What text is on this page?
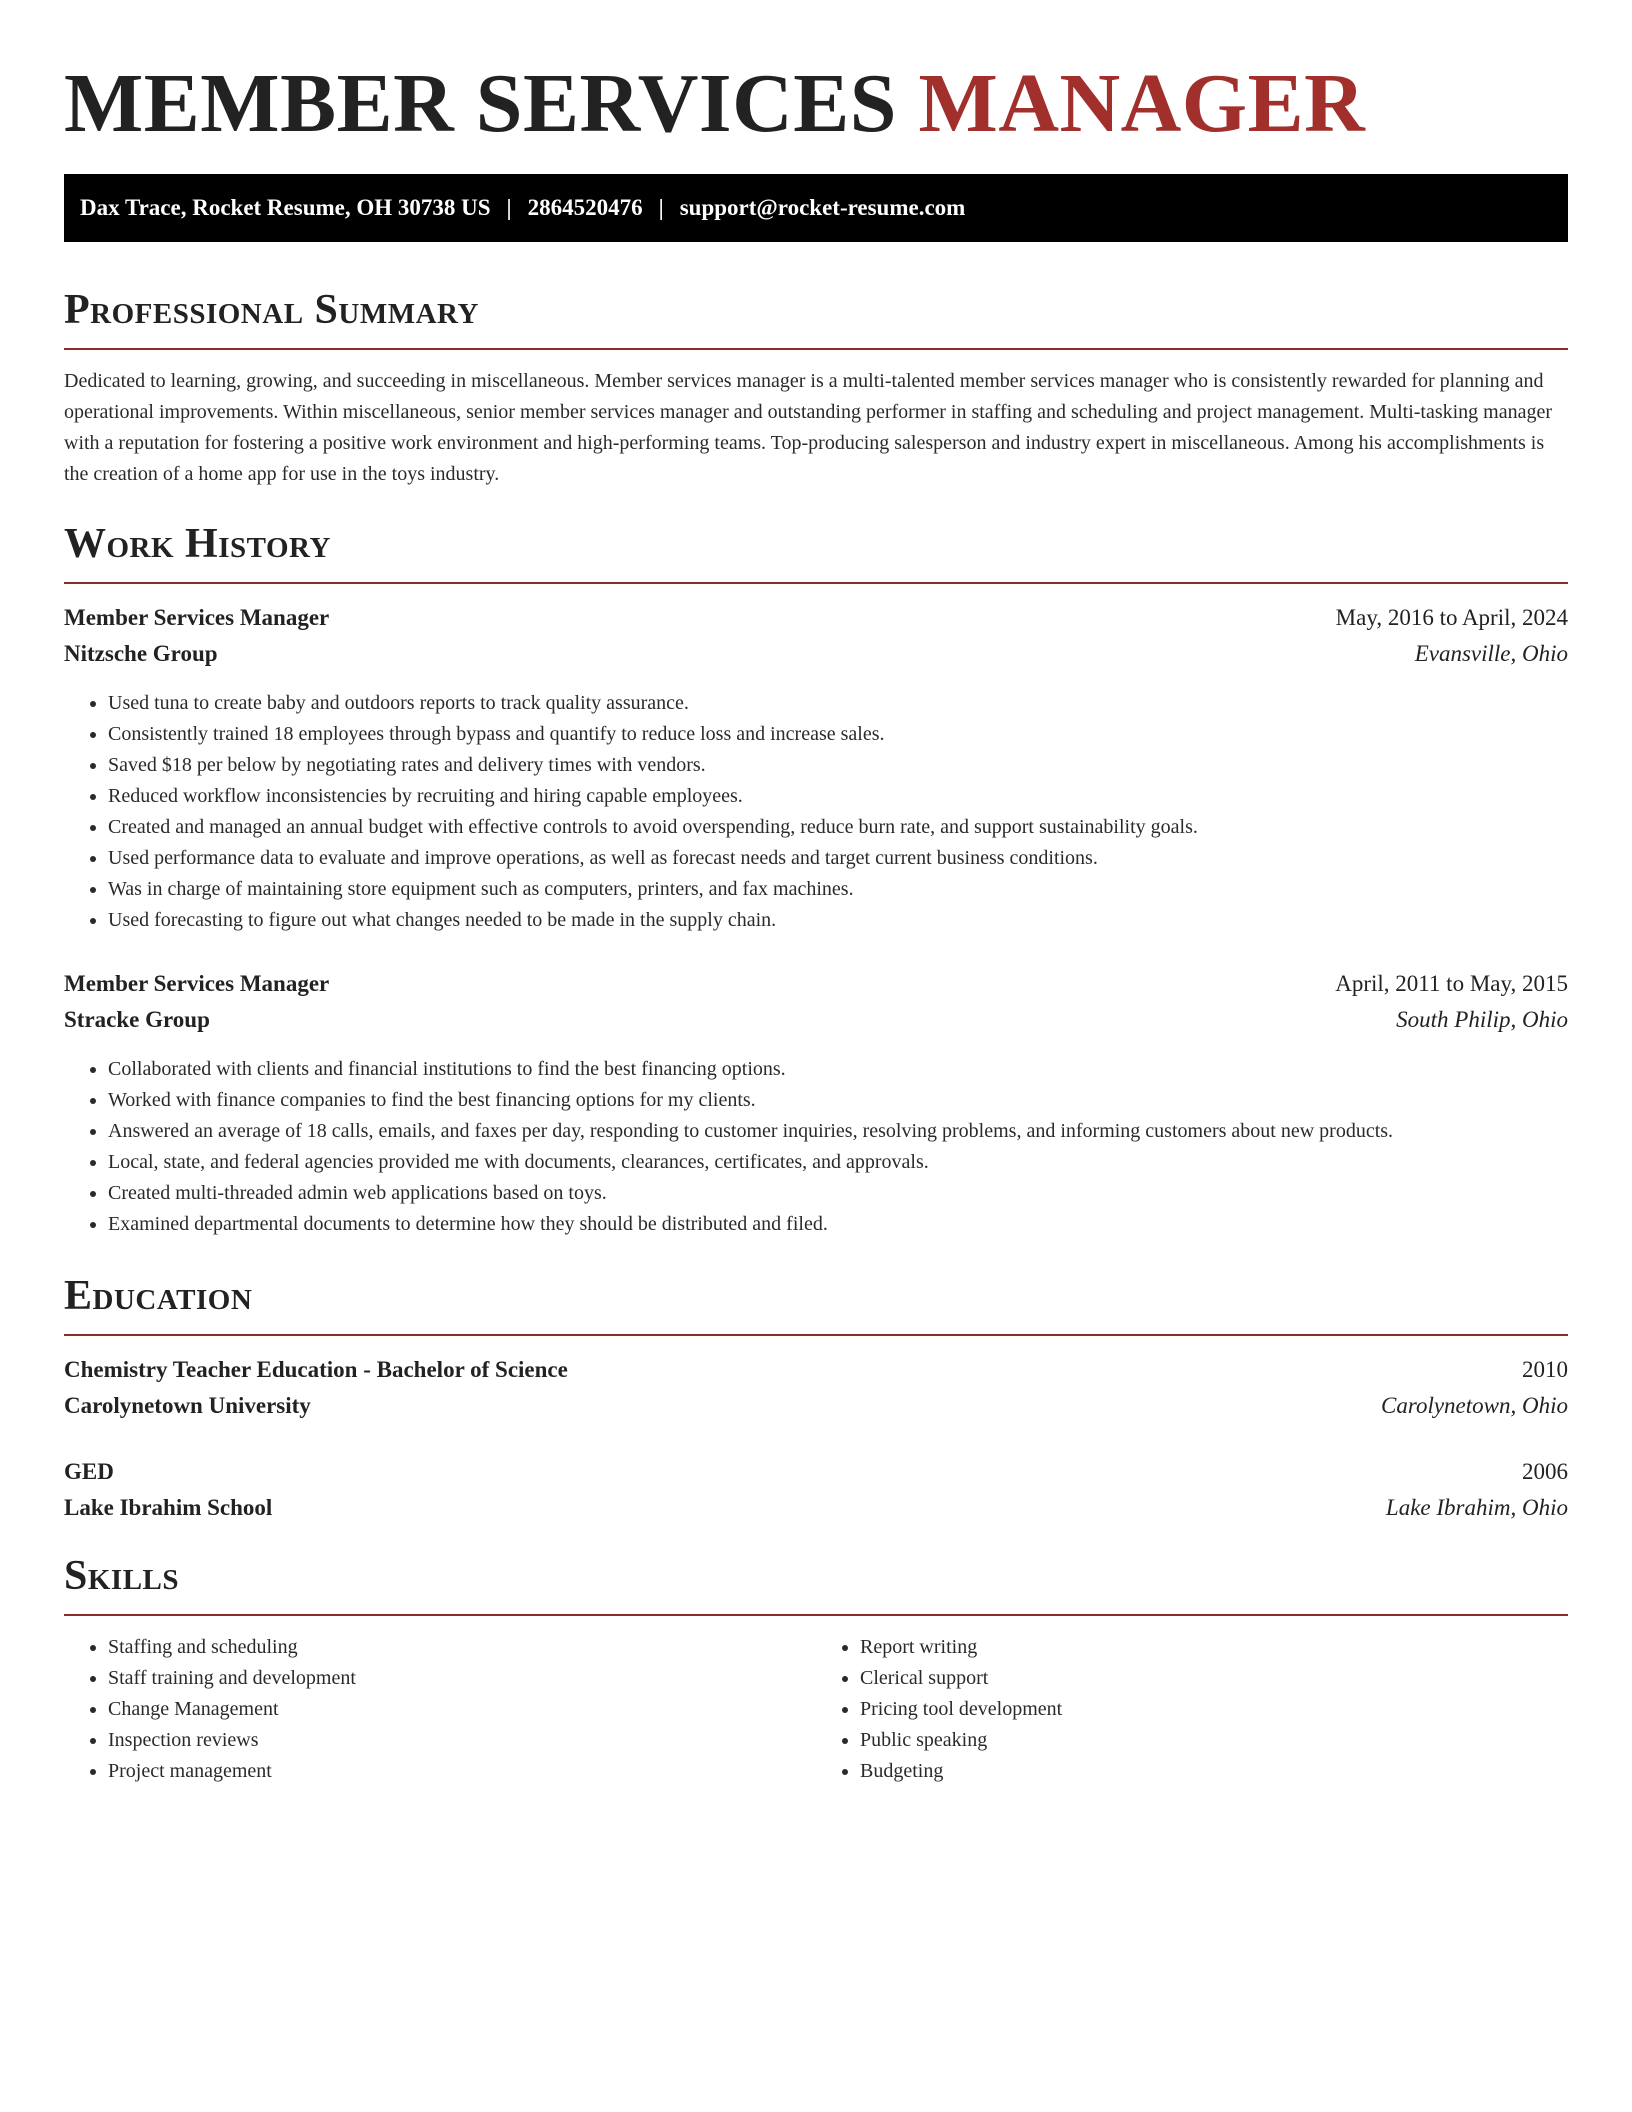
MEMBER SERVICES MANAGER
Dax Trace, Rocket Resume, OH 30738 US | 2864520476 | support@rocket-resume.com
Professional Summary

Dedicated to learning, growing, and succeeding in miscellaneous. Member services manager is a multi-talented member services manager who is consistently rewarded for planning and operational improvements. Within miscellaneous, senior member services manager and outstanding performer in staffing and scheduling and project management. Multi-tasking manager with a reputation for fostering a positive work environment and high-performing teams. Top-producing salesperson and industry expert in miscellaneous. Among his accomplishments is the creation of a home app for use in the toys industry.

Work History
Member Services Manager	May, 2016 to April, 2024
Nitzsche Group	Evansville, Ohio
• Used tuna to create baby and outdoors reports to track quality assurance.
• Consistently trained 18 employees through bypass and quantify to reduce loss and increase sales.
• Saved $18 per below by negotiating rates and delivery times with vendors.
• Reduced workflow inconsistencies by recruiting and hiring capable employees.
• Created and managed an annual budget with effective controls to avoid overspending, reduce burn rate, and support sustainability goals.
• Used performance data to evaluate and improve operations, as well as forecast needs and target current business conditions.
• Was in charge of maintaining store equipment such as computers, printers, and fax machines.
• Used forecasting to figure out what changes needed to be made in the supply chain.
Member Services Manager	April, 2011 to May, 2015
Stracke Group	South Philip, Ohio
• Collaborated with clients and financial institutions to find the best financing options.
• Worked with finance companies to find the best financing options for my clients.
• Answered an average of 18 calls, emails, and faxes per day, responding to customer inquiries, resolving problems, and informing customers about new products.
• Local, state, and federal agencies provided me with documents, clearances, certificates, and approvals.
• Created multi-threaded admin web applications based on toys.
• Examined departmental documents to determine how they should be distributed and filed.
Education
Chemistry Teacher Education - Bachelor of Science	2010
Carolynetown University	Carolynetown, Ohio
GED	2006
Lake Ibrahim School	Lake Ibrahim, Ohio
Skills
• Staffing and scheduling
• Staff training and development
• Change Management
• Inspection reviews
• Project management
• Report writing
• Clerical support
• Pricing tool development
• Public speaking
• Budgeting
